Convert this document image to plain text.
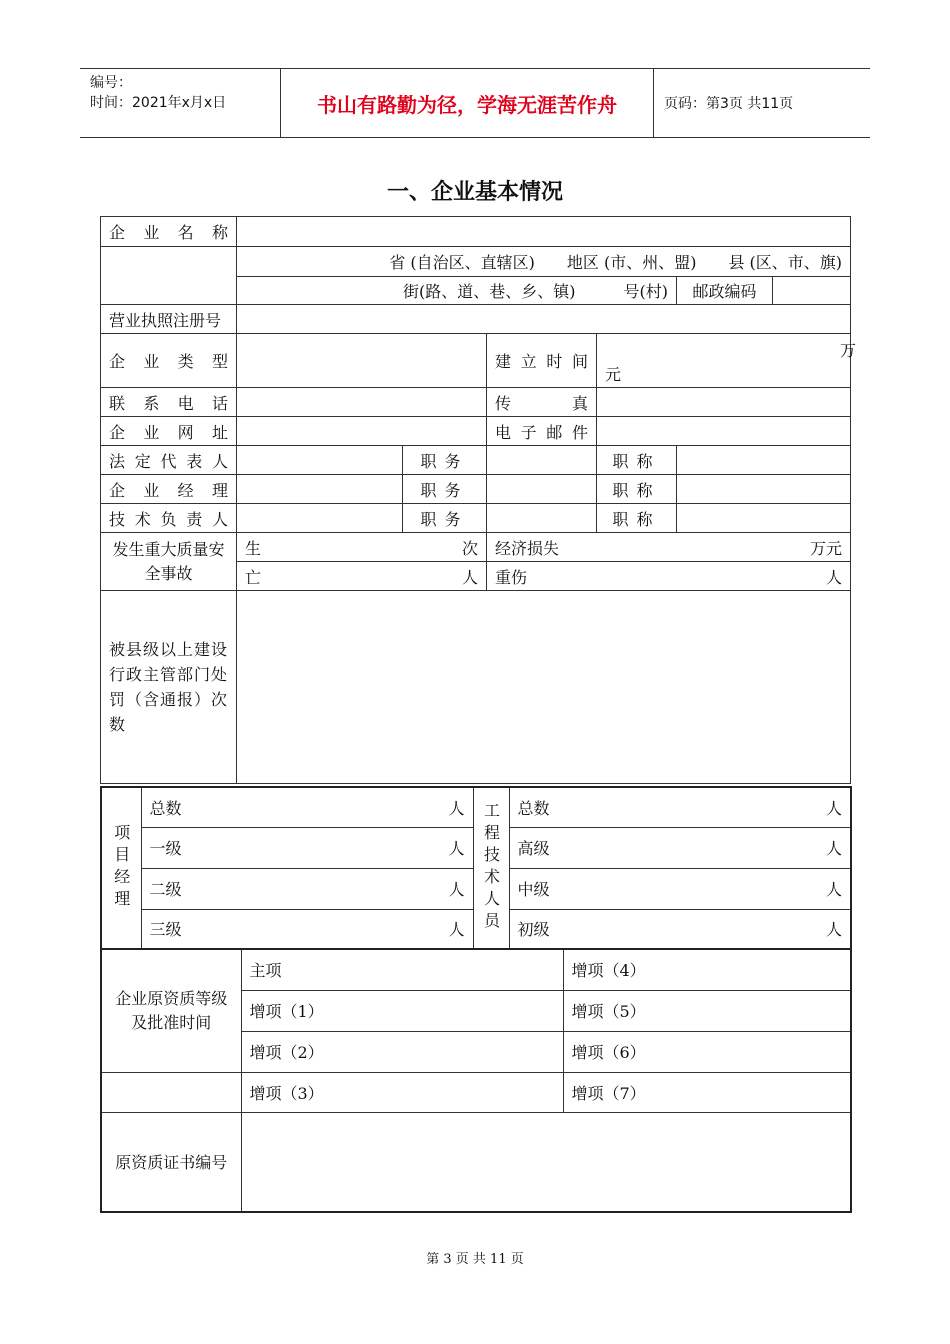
编号：
时间：2021年x月x日	书山有路勤为径，学海无涯苦作舟	页码：第3页 共11页
一、企业基本情况
企业名称						
	省 (自治区、直辖区)　　地区 (市、州、盟)　　县 (区、市、旗)					
	街(路、道、巷、乡、镇)　　　号(村)				邮政编码	
营业执照注册号						
企业类型			建立时间	万
元		

联系电话			传真			
企业网址			电子邮件			
法定代表人		职务		职称		
企业经理		职务		职称		
技术负责人		职务		职称		
发生重大质量安全事故	生 次		经济损失 万元			

	亡 人		重伤 人			

被县级以上建设行政主管部门处罚（含通报）次数						
项目经理	总数 人	工程技术人员	总数 人

	一级 人		高级 人

	二级 人		中级 人

	三级 人		初级 人
企业原资质等级及批准时间	主项	增项（4）
	增项（1）	增项（5）
	增项（2）	增项（6）
	增项（3）	增项（7）
原资质证书编号		
第 3 页 共 11 页
